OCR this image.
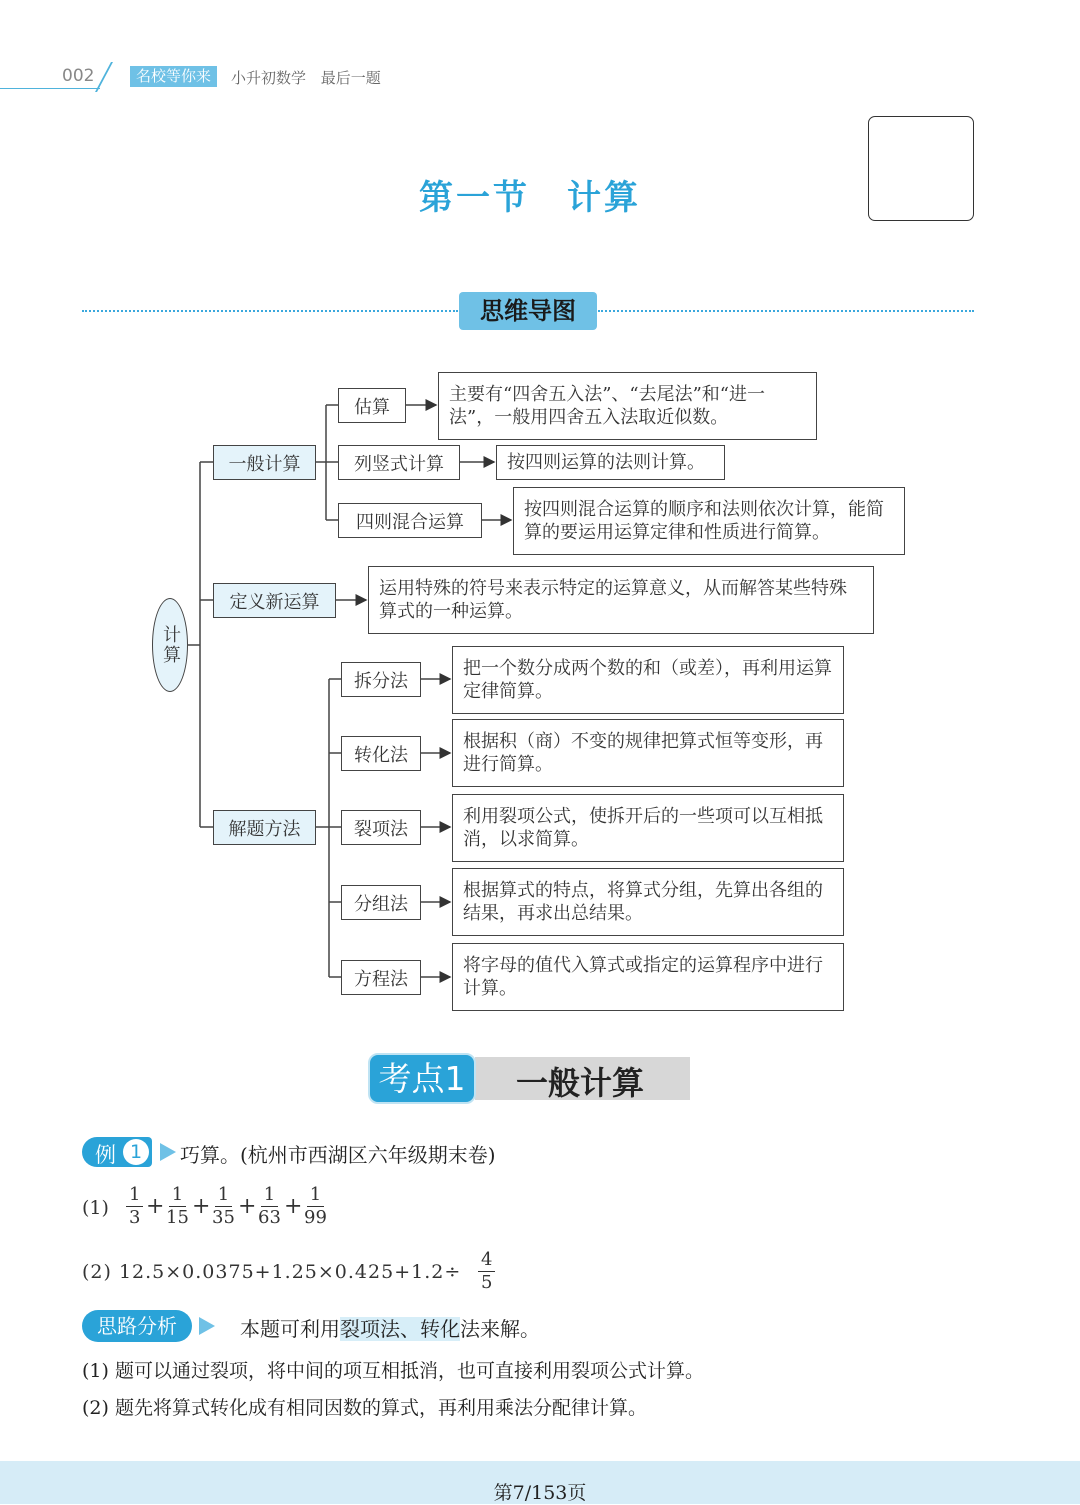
002	名校等你来	小升初数学 最后一题
第一节　计算
思维导图
计算
一般计算
定义新运算
解题方法
估算
主要有“四舍五入法”、“去尾法”和“进一法”，一般用四舍五入法取近似数。
列竖式计算	按四则运算的法则计算。
四则混合运算
按四则混合运算的顺序和法则依次计算，能简算的要运用运算定律和性质进行简算。
运用特殊的符号来表示特定的运算意义，从而解答某些特殊算式的一种运算。
拆分法
把一个数分成两个数的和（或差），再利用运算定律简算。
转化法
根据积（商）不变的规律把算式恒等变形，再进行简算。
裂项法
利用裂项公式，使拆开后的一些项可以互相抵消，以求简算。
分组法
根据算式的特点，将算式分组，先算出各组的结果，再求出总结果。
方程法
将字母的值代入算式或指定的运算程序中进行计算。
考点1	一般计算
例 1	巧算。(杭州市西湖区六年级期末卷)
$(1) \frac{1}{3} + \frac{1}{15} + \frac{1}{35} + \frac{1}{63} + \frac{1}{99}$
(2) $12.5\times 0.0375+1.25\times 0.425+1.2\div \frac{4}{5}$
思路分析	本题可利用裂项法、转化法来解。
(1) 题可以通过裂项，将中间的项互相抵消，也可直接利用裂项公式计算。
(2) 题先将算式转化成有相同因数的算式，再利用乘法分配律计算。
第7/153页
